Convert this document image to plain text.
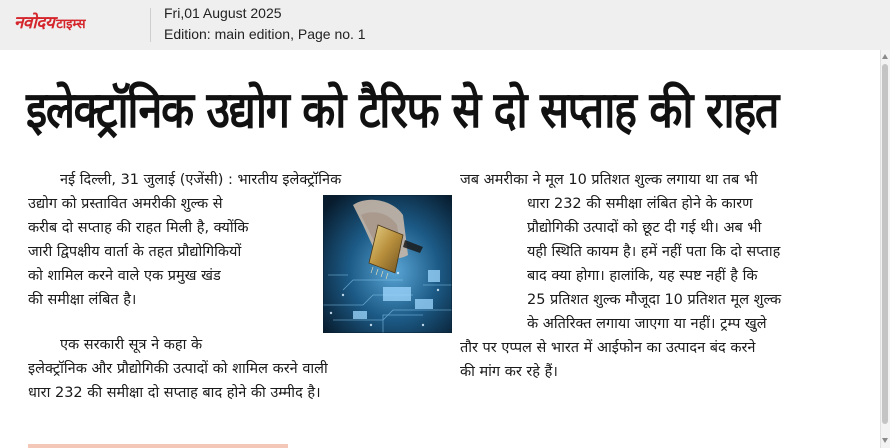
नवोदय टाइम्स
Fri,01 August 2025
Edition: main edition, Page no. 1
इलेक्ट्रॉनिक उद्योग को टैरिफ से दो सप्ताह की राहत
नई दिल्ली, 31 जुलाई (एजेंसी) : भारतीय इलेक्ट्रॉनिक
उद्योग को प्रस्तावित अमरीकी शुल्क से
करीब दो सप्ताह की राहत मिली है, क्योंकि
जारी द्विपक्षीय वार्ता के तहत प्रौद्योगिकियों
को शामिल करने वाले एक प्रमुख खंड
की समीक्षा लंबित है।
एक सरकारी सूत्र ने कहा के
इलेक्ट्रॉनिक और प्रौद्योगिकी उत्पादों को शामिल करने वाली
धारा 232 की समीक्षा दो सप्ताह बाद होने की उम्मीद है।
जब अमरीका ने मूल 10 प्रतिशत शुल्क लगाया था तब भी
धारा 232 की समीक्षा लंबित होने के कारण
प्रौद्योगिकी उत्पादों को छूट दी गई थी। अब भी
यही स्थिति कायम है। हमें नहीं पता कि दो सप्ताह
बाद क्या होगा। हालांकि, यह स्पष्ट नहीं है कि
25 प्रतिशत शुल्क मौजूदा 10 प्रतिशत मूल शुल्क
के अतिरिक्त लगाया जाएगा या नहीं। ट्रम्प खुले
तौर पर एप्पल से भारत में आईफोन का उत्पादन बंद करने
की मांग कर रहे हैं।
